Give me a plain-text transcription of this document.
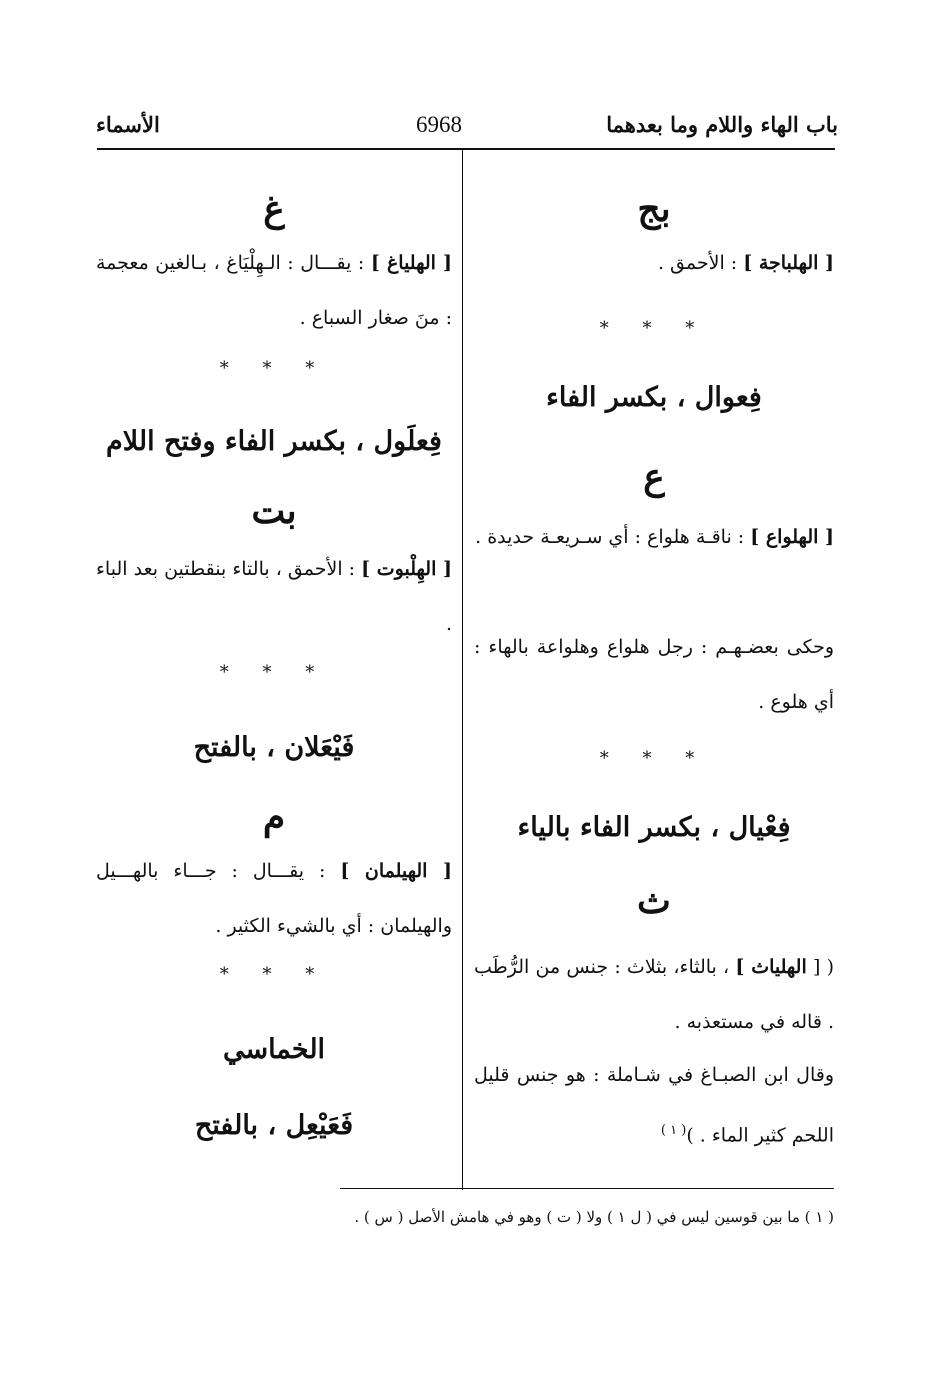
باب الهاء واللام وما بعدهما
6968
الأسماء
بج
[ الهلباجة ] : الأحمق .
* * *
فِعوال ، بكسر الفاء
ع
[ الهلواع ] : ناقـة هلواع : أي سـريعـة حديدة .
وحكى بعضـهـم : رجل هلواع وهلواعة بالهاء : أي هلوع .
* * *
فِعْيال ، بكسر الفاء بالياء
ث
( [ الهلياث ] ، بالثاء، بثلاث : جنس من الرُّطَب . قاله في مستعذبه .
وقال ابن الصبـاغ في شـاملة : هو جنس قليل اللحم كثير الماء . )$^{( ١ )}$
غ
[ الهلياغ ] : يقـــال : الـهِلْيَاغ ، بـالغين معجمة : منَ صغار السباع .
* * *
فِعلَول ، بكسر الفاء وفتح اللام
بت
[ الهِلْبوت ] : الأحمق ، بالتاء بنقطتين بعد الباء .
* * *
فَيْعَلان ، بالفتح
م
[ الهيلمان ] : يقـــال : جـــاء بالهـــيل والهيلمان : أي بالشيء الكثير .
* * *
الخماسي
فَعَيْعِل ، بالفتح
( ١ ) ما بين قوسين ليس في ( ل ١ ) ولا ( ت ) وهو في هامش الأصل ( س ) .
